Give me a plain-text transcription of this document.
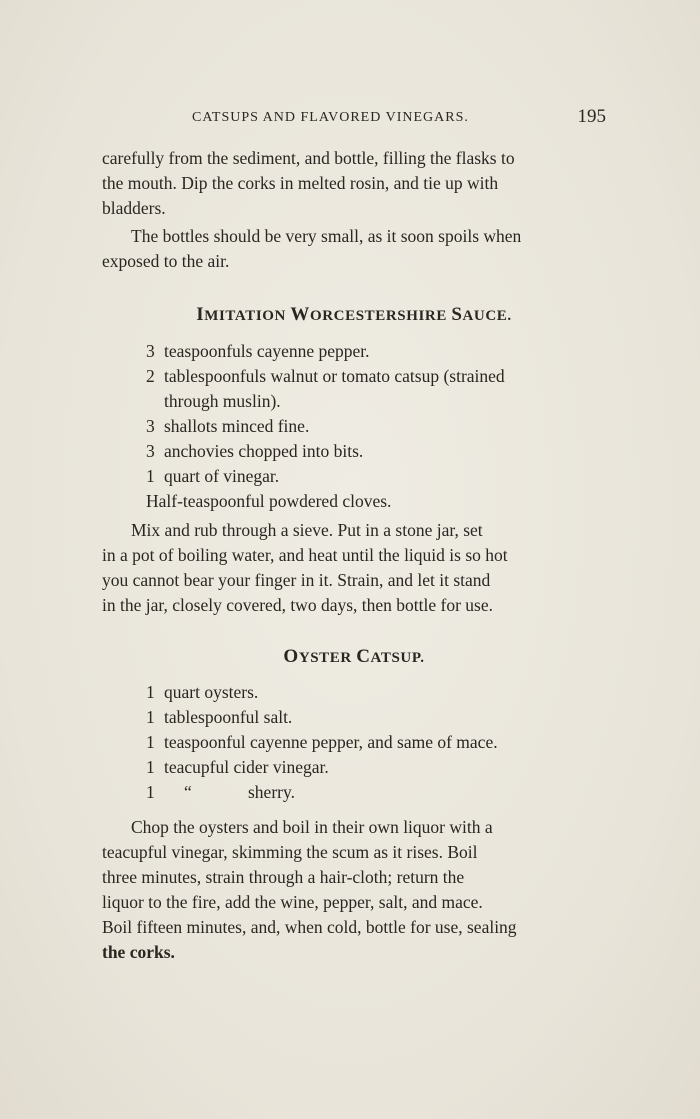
CATSUPS AND FLAVORED VINEGARS.	195

carefully from the sediment, and bottle, filling the flasks to
the mouth. Dip the corks in melted rosin, and tie up with
bladders.

The bottles should be very small, as it soon spoils when
exposed to the air.

IMITATION WORCESTERSHIRE SAUCE.
3 teaspoonfuls cayenne pepper.
2 tablespoonfuls walnut or tomato catsup (strained
through muslin).
3 shallots minced fine.
3 anchovies chopped into bits.
1 quart of vinegar.
Half-teaspoonful powdered cloves.

Mix and rub through a sieve. Put in a stone jar, set
in a pot of boiling water, and heat until the liquid is so hot
you cannot bear your finger in it. Strain, and let it stand
in the jar, closely covered, two days, then bottle for use.

OYSTER CATSUP.
1 quart oysters.
1 tablespoonful salt.
1 teaspoonful cayenne pepper, and same of mace.
1 teacupful cider vinegar.
1 “	sherry.

Chop the oysters and boil in their own liquor with a
teacupful vinegar, skimming the scum as it rises. Boil
three minutes, strain through a hair-cloth; return the
liquor to the fire, add the wine, pepper, salt, and mace.
Boil fifteen minutes, and, when cold, bottle for use, sealing
the corks.
